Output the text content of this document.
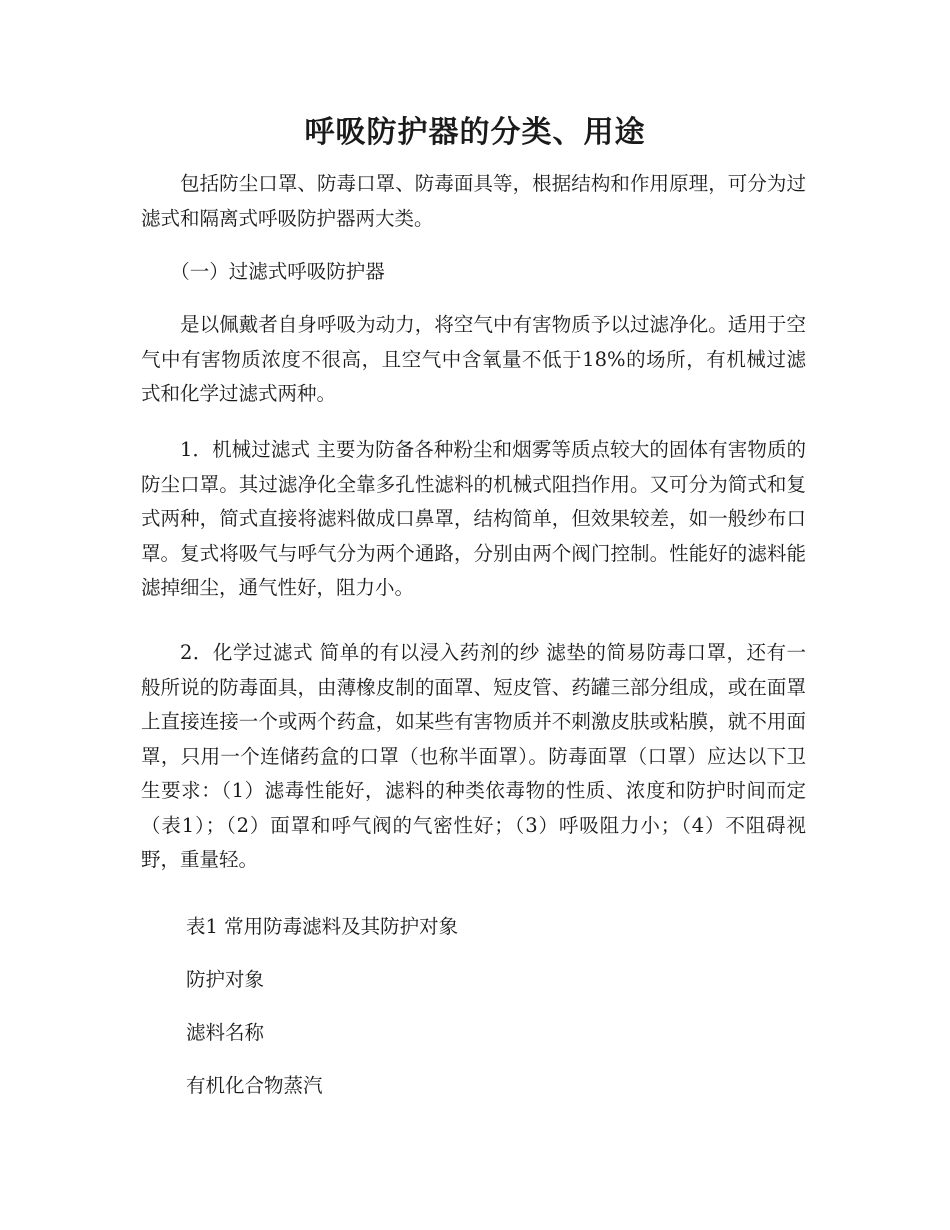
呼吸防护器的分类、用途

包括防尘口罩、防毒口罩、防毒面具等，根据结构和作用原理，可分为过滤式和隔离式呼吸防护器两大类。

（一）过滤式呼吸防护器

是以佩戴者自身呼吸为动力，将空气中有害物质予以过滤净化。适用于空气中有害物质浓度不很高，且空气中含氧量不低于18%的场所，有机械过滤式和化学过滤式两种。

1．机械过滤式 主要为防备各种粉尘和烟雾等质点较大的固体有害物质的防尘口罩。其过滤净化全靠多孔性滤料的机械式阻挡作用。又可分为简式和复式两种，简式直接将滤料做成口鼻罩，结构简单，但效果较差，如一般纱布口罩。复式将吸气与呼气分为两个通路，分别由两个阀门控制。性能好的滤料能滤掉细尘，通气性好，阻力小。

2．化学过滤式 简单的有以浸入药剂的纱 滤垫的简易防毒口罩，还有一般所说的防毒面具，由薄橡皮制的面罩、短皮管、药罐三部分组成，或在面罩上直接连接一个或两个药盒，如某些有害物质并不刺激皮肤或粘膜，就不用面罩，只用一个连储药盒的口罩（也称半面罩）。防毒面罩（口罩）应达以下卫生要求：（1）滤毒性能好，滤料的种类依毒物的性质、浓度和防护时间而定（表1）；（2）面罩和呼气阀的气密性好；（3）呼吸阻力小；（4）不阻碍视野，重量轻。

表1 常用防毒滤料及其防护对象

防护对象

滤料名称

有机化合物蒸汽
